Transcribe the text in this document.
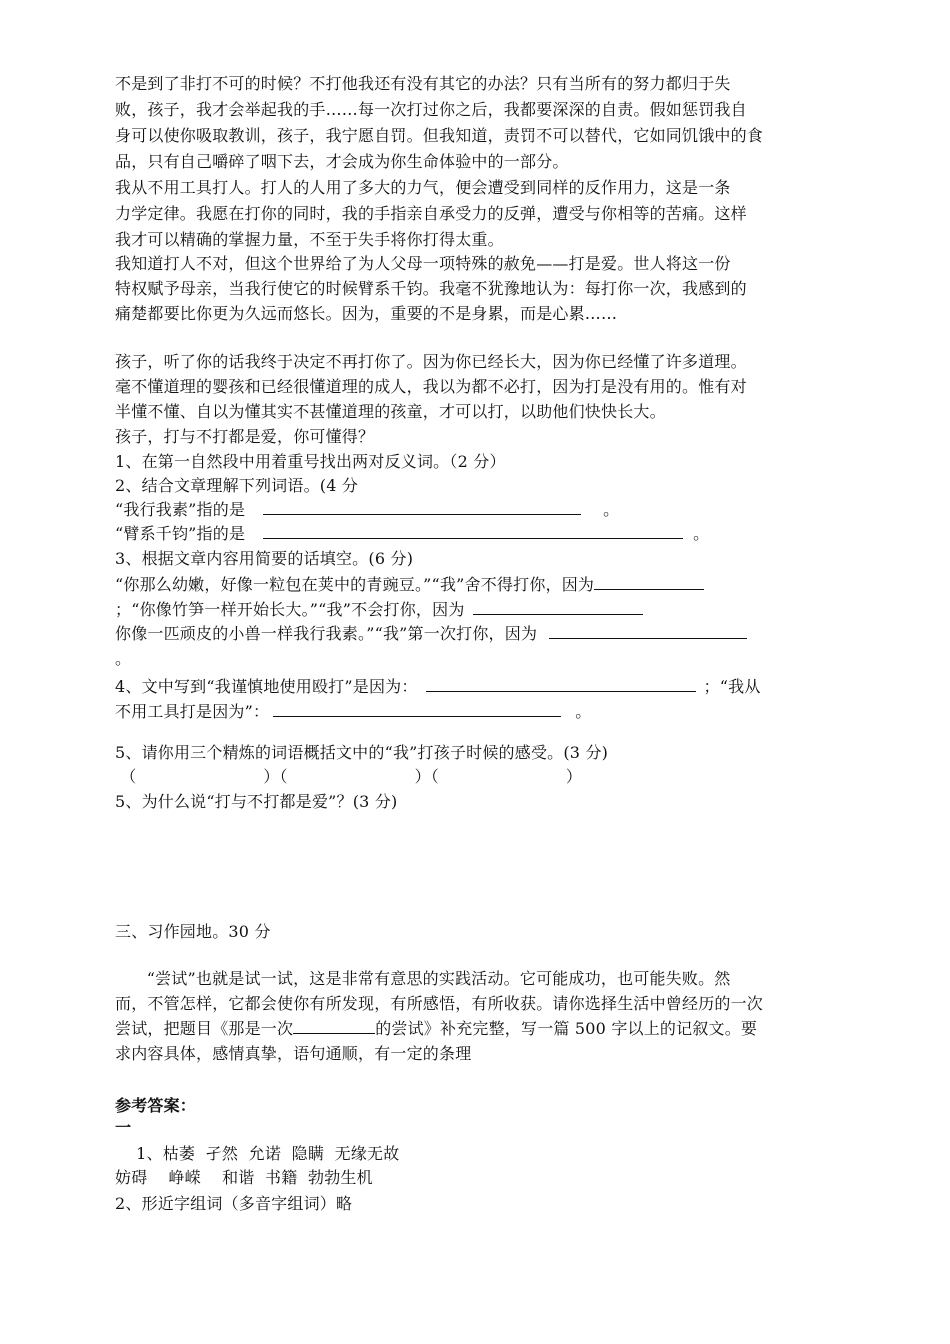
不是到了非打不可的时候？不打他我还有没有其它的办法？只有当所有的努力都归于失
败，孩子，我才会举起我的手……每一次打过你之后，我都要深深的自责。假如惩罚我自
身可以使你吸取教训，孩子，我宁愿自罚。但我知道，责罚不可以替代，它如同饥饿中的食
品，只有自己嚼碎了咽下去，才会成为你生命体验中的一部分。
我从不用工具打人。打人的人用了多大的力气，便会遭受到同样的反作用力，这是一条
力学定律。我愿在打你的同时，我的手指亲自承受力的反弹，遭受与你相等的苦痛。这样
我才可以精确的掌握力量，不至于失手将你打得太重。
我知道打人不对，但这个世界给了为人父母一项特殊的赦免——打是爱。世人将这一份
特权赋予母亲，当我行使它的时候臂系千钧。我毫不犹豫地认为：每打你一次，我感到的
痛楚都要比你更为久远而悠长。因为，重要的不是身累，而是心累……
孩子，听了你的话我终于决定不再打你了。因为你已经长大，因为你已经懂了许多道理。
毫不懂道理的婴孩和已经很懂道理的成人，我以为都不必打，因为打是没有用的。惟有对
半懂不懂、自以为懂其实不甚懂道理的孩童，才可以打，以助他们快快长大。
孩子，打与不打都是爱，你可懂得？
1、在第一自然段中用着重号找出两对反义词。（2 分）
2、结合文章理解下列词语。(4 分
“我行我素”指的是	。
“臂系千钧”指的是	。
3、根据文章内容用简要的话填空。(6 分)
“你那么幼嫩，好像一粒包在荚中的青豌豆。”“我”舍不得打你，因为
；“你像竹笋一样开始长大。”“我”不会打你，因为
你像一匹顽皮的小兽一样我行我素。”“我”第一次打你，因为
。
4、文中写到“我谨慎地使用殴打”是因为：	；“我从
不用工具打是因为”：	。
5、请你用三个精炼的词语概括文中的“我”打孩子时候的感受。(3 分)
（                        ）（                        ）（                        ）
5、为什么说“打与不打都是爱”？(3 分)
三、习作园地。30 分
“尝试”也就是试一试，这是非常有意思的实践活动。它可能成功，也可能失败。然
而，不管怎样，它都会使你有所发现，有所感悟，有所收获。请你选择生活中曾经历的一次
尝试，把题目《那是一次	的尝试》补充完整，写一篇 500 字以上的记叙文。要
求内容具体，感情真挚，语句通顺，有一定的条理
参考答案：
一
1、枯萎  孑然  允诺  隐瞒  无缘无故
妨碍    峥嵘    和谐  书籍  勃勃生机
2、形近字组词（多音字组词）略
